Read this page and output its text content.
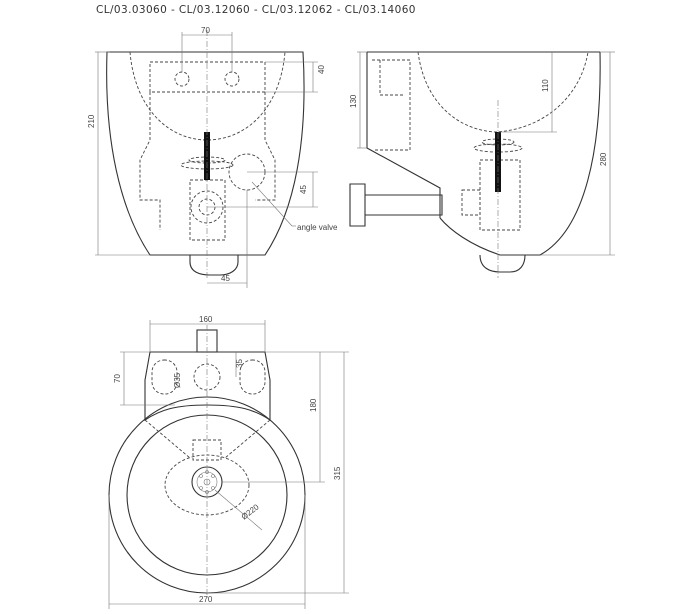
CL/03.03060 - CL/03.12060 - CL/03.12062 - CL/03.14060
70
210
40
45
45
angle valve
130
110
280
160
70	Ø35
35
180
315
Ø220
270
